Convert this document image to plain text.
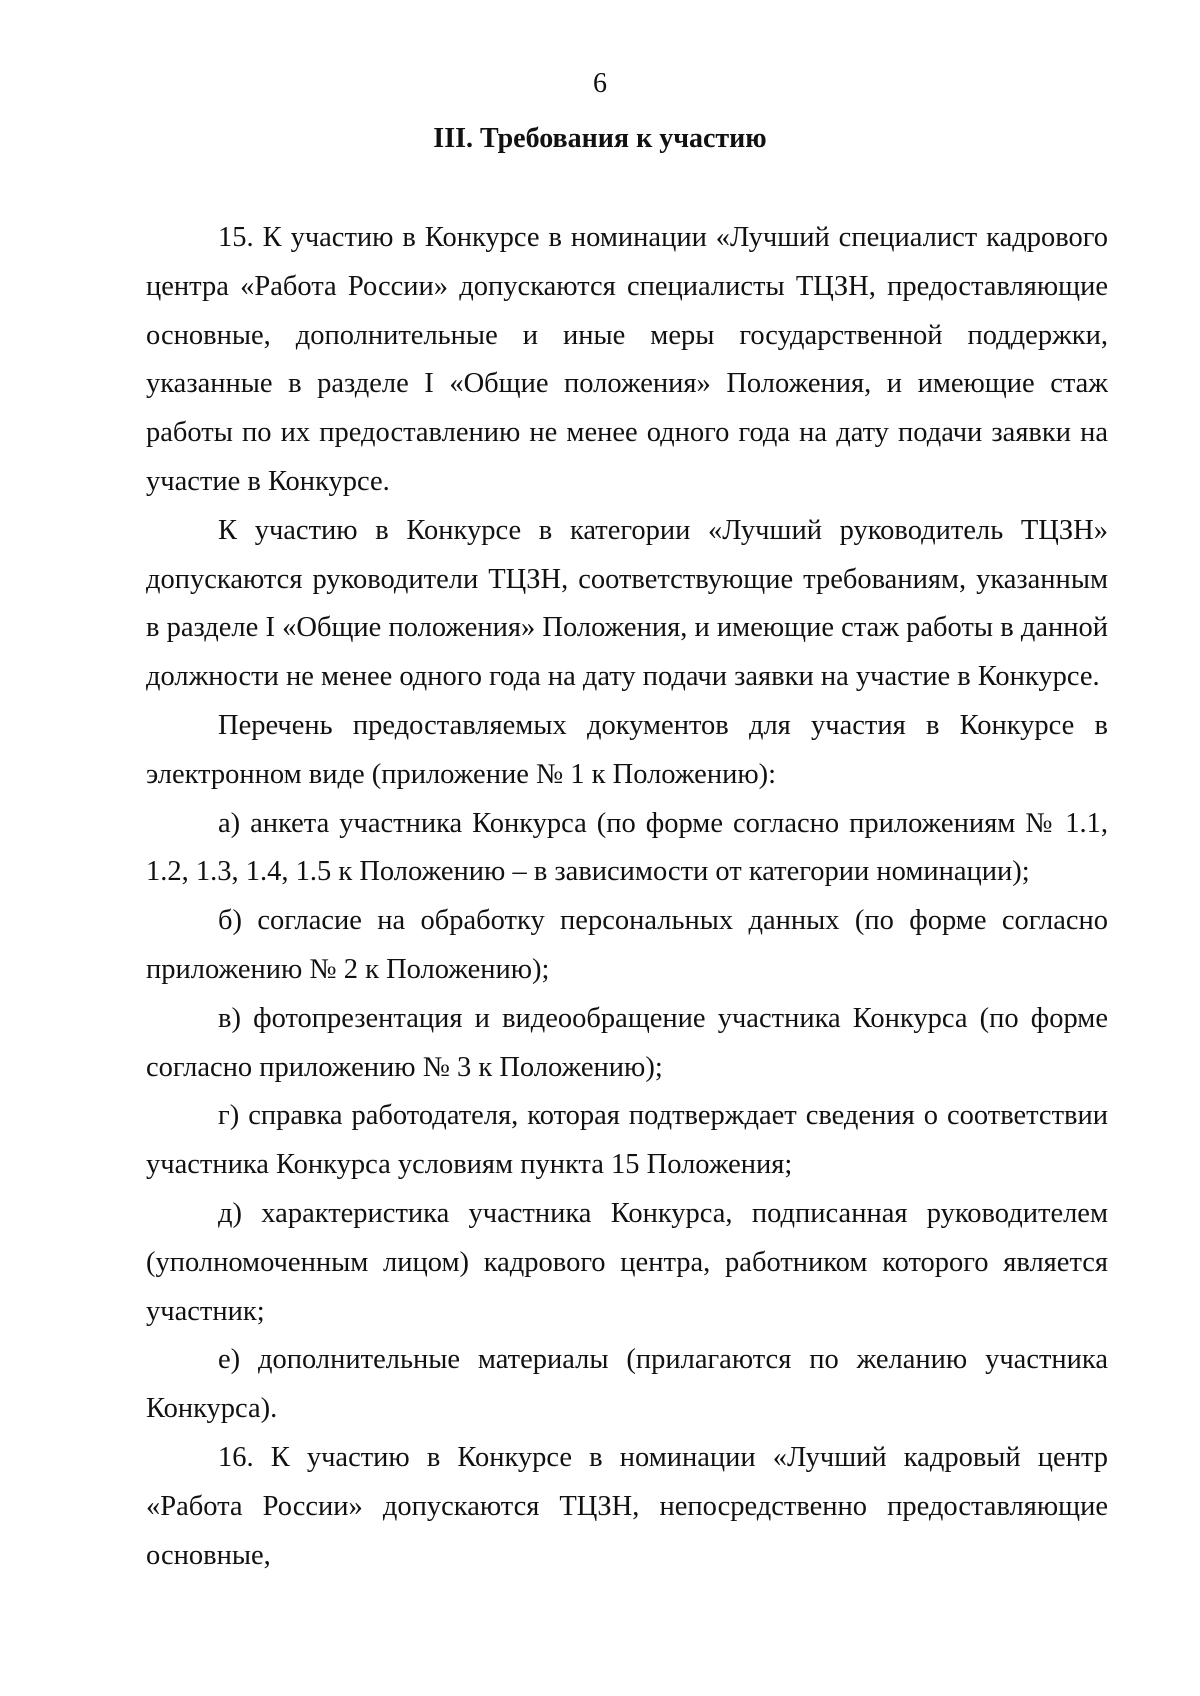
6
III. Требования к участию

15. К участию в Конкурсе в номинации «Лучший специалист кадрового центра «Работа России» допускаются специалисты ТЦЗН, предоставляющие основные, дополнительные и иные меры государственной поддержки, указанные в разделе I «Общие положения» Положения, и имеющие стаж работы по их предоставлению не менее одного года на дату подачи заявки на участие в Конкурсе.

К участию в Конкурсе в категории «Лучший руководитель ТЦЗН» допускаются руководители ТЦЗН, соответствующие требованиям, указанным в разделе I «Общие положения» Положения, и имеющие стаж работы в данной должности не менее одного года на дату подачи заявки на участие в Конкурсе.

Перечень предоставляемых документов для участия в Конкурсе в электронном виде (приложение № 1 к Положению):

а) анкета участника Конкурса (по форме согласно приложениям № 1.1, 1.2, 1.3, 1.4, 1.5 к Положению – в зависимости от категории номинации);

б) согласие на обработку персональных данных (по форме согласно приложению № 2 к Положению);

в) фотопрезентация и видеообращение участника Конкурса (по форме согласно приложению № 3 к Положению);

г) справка работодателя, которая подтверждает сведения о соответствии участника Конкурса условиям пункта 15 Положения;

д) характеристика участника Конкурса, подписанная руководителем (уполномоченным лицом) кадрового центра, работником которого является участник;

е) дополнительные материалы (прилагаются по желанию участника Конкурса).

16. К участию в Конкурсе в номинации «Лучший кадровый центр «Работа России» допускаются ТЦЗН, непосредственно предоставляющие основные,
